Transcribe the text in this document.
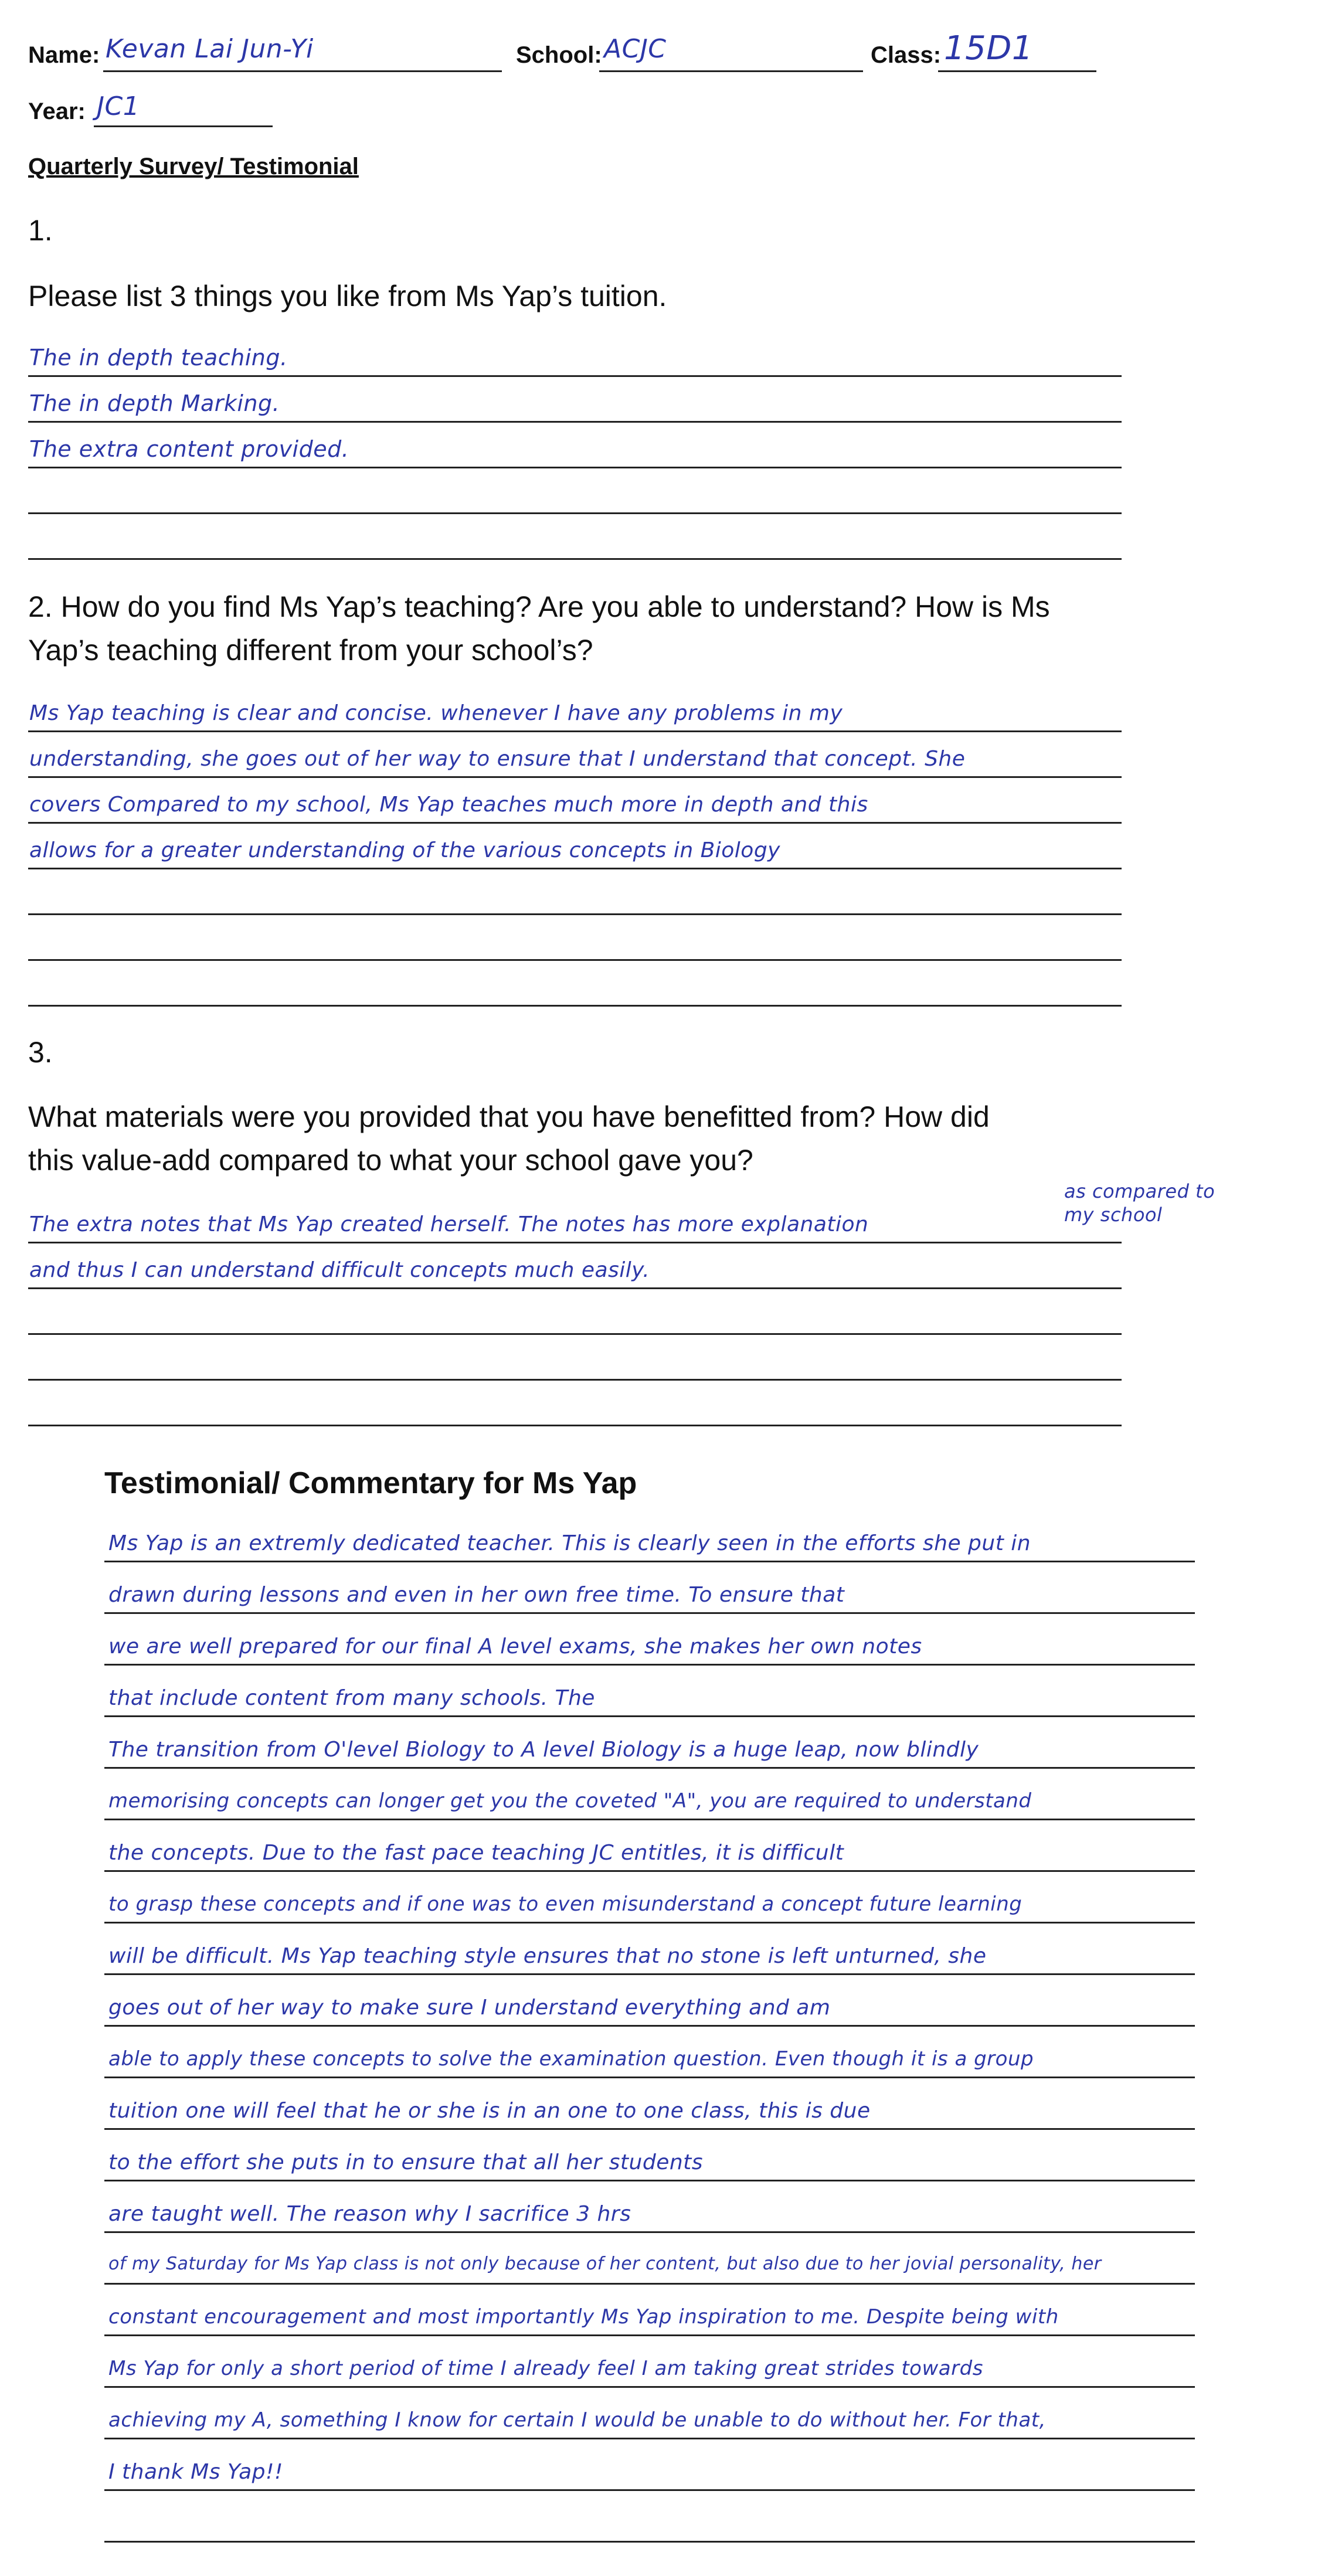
Name: Kevan Lai Jun-Yi	School: ACJC	Class: 15D1
Year: JC1
Quarterly Survey/ Testimonial
1.
Please list 3 things you like from Ms Yap’s tuition.
The in depth teaching.
The in depth Marking.
The extra content provided.
2. How do you find Ms Yap’s teaching? Are you able to understand? How is Ms
Yap’s teaching different from your school’s?
Ms Yap teaching is clear and concise. whenever I have any problems in my
understanding, she goes out of her way to ensure that I understand that concept. She
covers Compared to my school, Ms Yap teaches much more in depth and this
allows for a greater understanding of the various concepts in Biology
3.
What materials were you provided that you have benefitted from? How did
this value-add compared to what your school gave you?
as compared to my school
The extra notes that Ms Yap created herself. The notes has more explanation
and thus I can understand difficult concepts much easily.
Testimonial/ Commentary for Ms Yap
Ms Yap is an extremly dedicated teacher. This is clearly seen in the efforts she put in
drawn during lessons and even in her own free time. To ensure that
we are well prepared for our final A level exams, she makes her own notes
that include content from many schools. The
The transition from O'level Biology to A level Biology is a huge leap, now blindly
memorising concepts can longer get you the coveted "A", you are required to understand
the concepts. Due to the fast pace teaching JC entitles, it is difficult
to grasp these concepts and if one was to even misunderstand a concept future learning
will be difficult. Ms Yap teaching style ensures that no stone is left unturned, she
goes out of her way to make sure I understand everything and am
able to apply these concepts to solve the examination question. Even though it is a group
tuition one will feel that he or she is in an one to one class, this is due
to the effort she puts in to ensure that all her students
are taught well. The reason why I sacrifice 3 hrs
of my Saturday for Ms Yap class is not only because of her content, but also due to her jovial personality, her
constant encouragement and most importantly Ms Yap inspiration to me. Despite being with
Ms Yap for only a short period of time I already feel I am taking great strides towards
achieving my A, something I know for certain I would be unable to do without her. For that,
I thank Ms Yap!!
